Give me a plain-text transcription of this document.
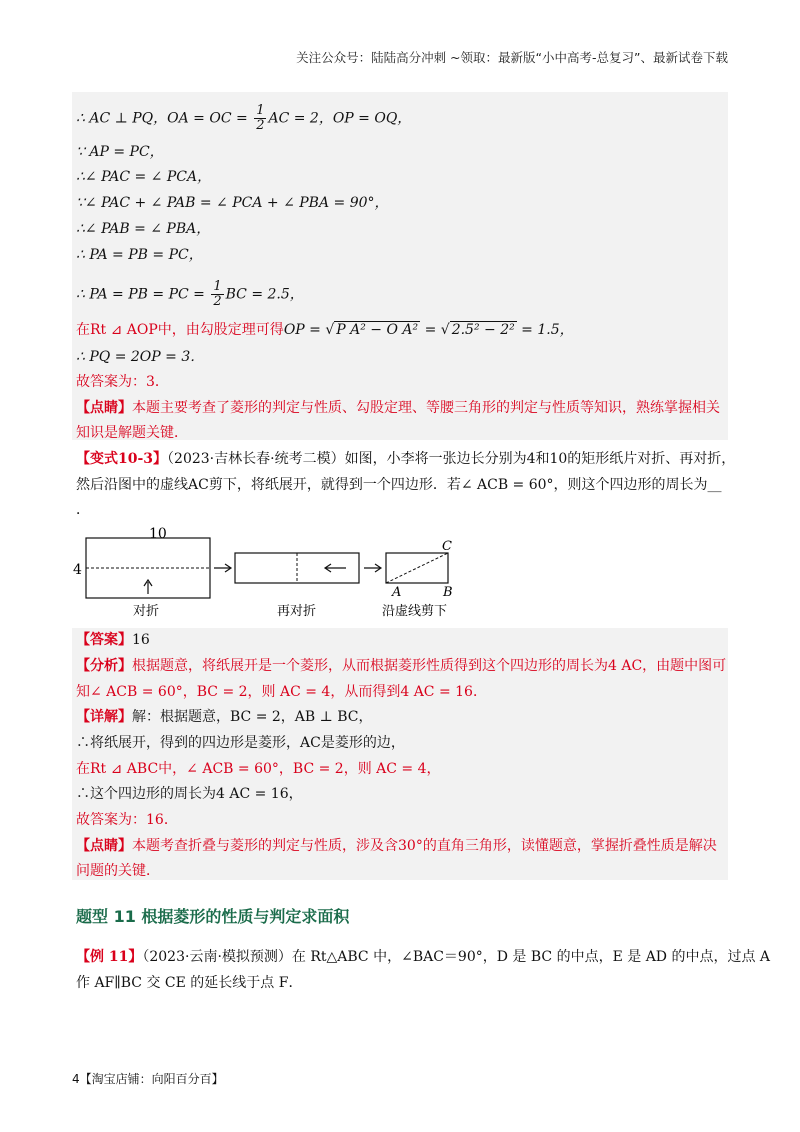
关注公众号：陆陆高分冲刺 ~领取：最新版“小中高考-总复习”、最新试卷下载
∴ AC ⊥ PQ，OA = OC = $\frac{1}{2}$ AC = 2，OP = OQ，
∵ AP = PC，
∴∠ PAC = ∠ PCA，
∵∠ PAC + ∠ PAB = ∠ PCA + ∠ PBA = 90°，
∴∠ PAB = ∠ PBA，
∴ PA = PB = PC，
∴ PA = PB = PC = $\frac{1}{2}$ BC = 2.5，
在Rt ⊿ AOP中，由勾股定理可得OP = √ P A² − O A² = √ 2.5² − 2² = 1.5，
∴ PQ = 2OP = 3．
故答案为：3．
【点睛】本题主要考查了菱形的判定与性质、勾股定理、等腰三角形的判定与性质等知识，熟练掌握相关
知识是解题关键．
【变式10-3】（2023·吉林长春·统考二模）如图，小李将一张边长分别为4和10的矩形纸片对折、再对折，
然后沿图中的虚线AC剪下，将纸展开，就得到一个四边形．若∠ ACB = 60°，则这个四边形的周长为__
．
10
4
C
A	B
对折	再对折	沿虚线剪下
【答案】16
【分析】根据题意，将纸展开是一个菱形，从而根据菱形性质得到这个四边形的周长为4 AC，由题中图可
知∠ ACB = 60°，BC = 2，则 AC = 4，从而得到4 AC = 16．
【详解】解：根据题意，BC = 2，AB ⊥ BC，
∴将纸展开，得到的四边形是菱形，AC是菱形的边，
在Rt ⊿ ABC中，∠ ACB = 60°，BC = 2，则 AC = 4，
∴这个四边形的周长为4 AC = 16，
故答案为：16．
【点睛】本题考查折叠与菱形的判定与性质，涉及含30°的直角三角形，读懂题意，掌握折叠性质是解决
问题的关键．
题型 11 根据菱形的性质与判定求面积
【例 11】（2023·云南·模拟预测）在 Rt△ABC 中，∠BAC＝90°，D 是 BC 的中点，E 是 AD 的中点，过点 A
作 AF∥BC 交 CE 的延长线于点 F．
4【淘宝店铺：向阳百分百】
